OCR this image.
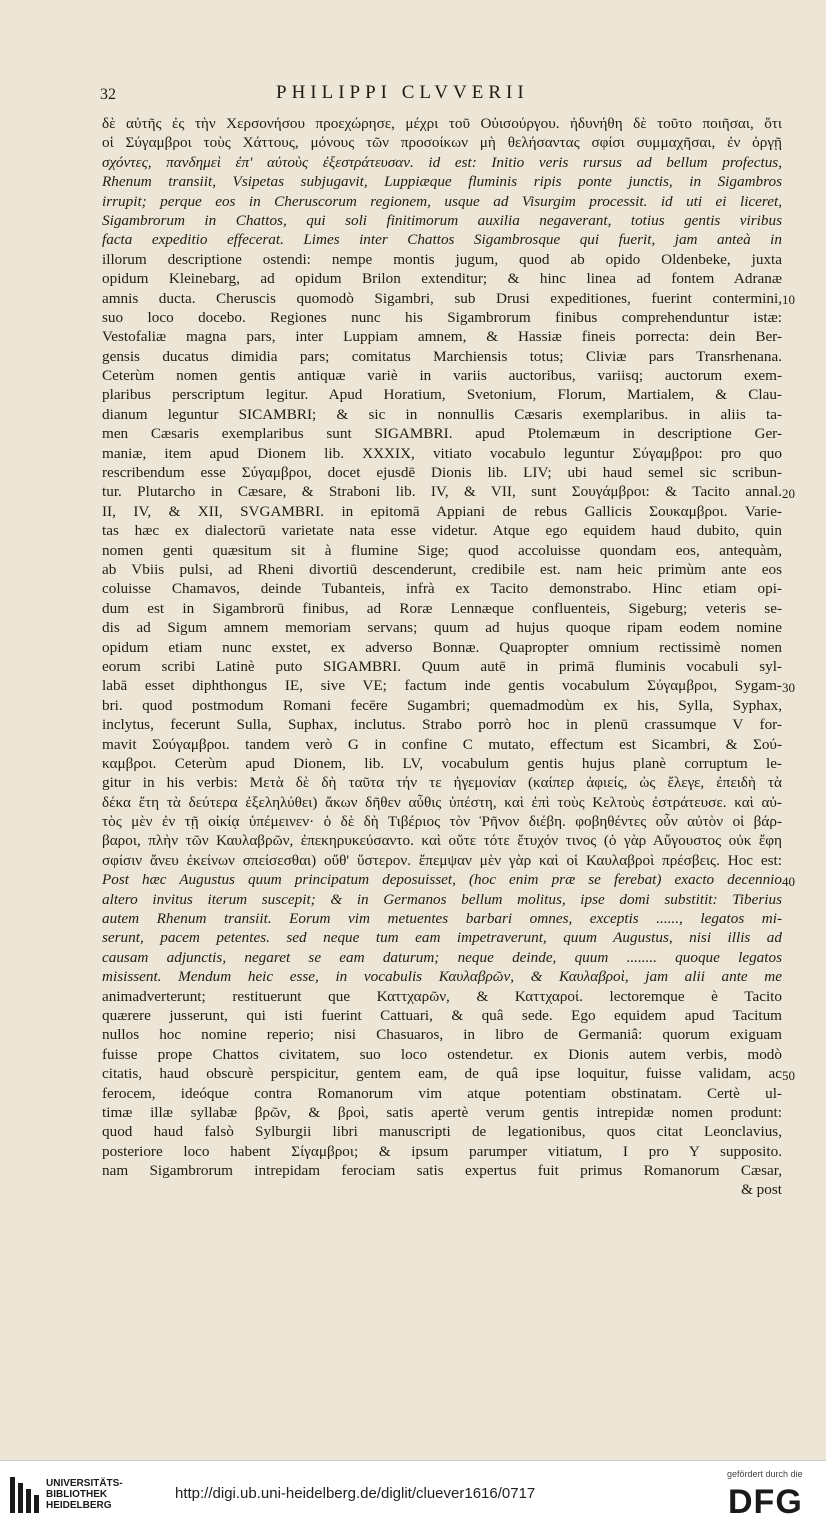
32	PHILIPPI CLVVERII
δὲ αὐτῆς ἐς τὴν Χερσονήσου προεχώρησε, μέχρι τοῦ Οὐισούργου. ἠδυνήθη δὲ τοῦτο ποιῆσαι, ὅτι
οἱ Σύγαμβροι τοὺς Χάττους, μόνους τῶν προσοίκων μὴ θελήσαντας σφίσι συμμαχῆσαι, ἐν ὀργῇ
σχόντες, πανδημεὶ ἐπ' αὐτοὺς ἐξεστράτευσαν. id est: Initio veris rursus ad bellum profectus,
Rhenum transiit, Vsipetas subjugavit, Luppiæque fluminis ripis ponte junctis, in Sigambros
irrupit; perque eos in Cheruscorum regionem, usque ad Visurgim processit. id uti ei liceret,
Sigambrorum in Chattos, qui soli finitimorum auxilia negaverant, totius gentis viribus
facta expeditio effecerat. Limes inter Chattos Sigambrosque qui fuerit, jam anteà in
illorum descriptione ostendi: nempe montis jugum, quod ab opido Oldenbeke, juxta
opidum Kleinebarg, ad opidum Brilon extenditur; & hinc linea ad fontem Adranæ
amnis ducta. Cheruscis quomodò Sigambri, sub Drusi expeditiones, fuerint contermini,
suo loco docebo. Regiones nunc his Sigambrorum finibus comprehenduntur istæ:
Vestofaliæ magna pars, inter Luppiam amnem, & Hassiæ fineis porrecta: dein Ber-
gensis ducatus dimidia pars; comitatus Marchiensis totus; Cliviæ pars Transrhenana.
Ceterùm nomen gentis antiquæ variè in variis auctoribus, variisq; auctorum exem-
plaribus perscriptum legitur. Apud Horatium, Svetonium, Florum, Martialem, & Clau-
dianum leguntur SICAMBRI; & sic in nonnullis Cæsaris exemplaribus. in aliis ta-
men Cæsaris exemplaribus sunt SIGAMBRI. apud Ptolemæum in descriptione Ger-
maniæ, item apud Dionem lib. XXXIX, vitiato vocabulo leguntur Σύγαμβροι: pro quo
rescribendum esse Σύγαμβροι, docet ejusdē Dionis lib. LIV; ubi haud semel sic scribun-
tur. Plutarcho in Cæsare, & Straboni lib. IV, & VII, sunt Σουγάμβροι: & Tacito annal.
II, IV, & XII, SVGAMBRI. in epitomā Appiani de rebus Gallicis Σουκαμβροι. Varie-
tas hæc ex dialectorū varietate nata esse videtur. Atque ego equidem haud dubito, quin
nomen genti quæsitum sit à flumine Sige; quod accoluisse quondam eos, antequàm,
ab Vbiis pulsi, ad Rheni divortiū descenderunt, credibile est. nam heic primùm ante eos
coluisse Chamavos, deinde Tubanteis, infrà ex Tacito demonstrabo. Hinc etiam opi-
dum est in Sigambrorū finibus, ad Roræ Lennæque confluenteis, Sigeburg; veteris se-
dis ad Sigum amnem memoriam servans; quum ad hujus quoque ripam eodem nomine
opidum etiam nunc exstet, ex adverso Bonnæ. Quapropter omnium rectissimè nomen
eorum scribi Latinè puto SIGAMBRI. Quum autē in primā fluminis vocabuli syl-
labā esset diphthongus IE, sive VE; factum inde gentis vocabulum Σύγαμβροι, Sygam-
bri. quod postmodum Romani fecēre Sugambri; quemadmodùm ex his, Sylla, Syphax,
inclytus, fecerunt Sulla, Suphax, inclutus. Strabo porrò hoc in plenū crassumque V for-
mavit Σούγαμβροι. tandem verò G in confine C mutato, effectum est Sicambri, & Σού-
καμβροι. Ceterùm apud Dionem, lib. LV, vocabulum gentis hujus planè corruptum le-
gitur in his verbis: Μετὰ δὲ δὴ ταῦτα τήν τε ἡγεμονίαν (καίπερ ἀφιείς, ὡς ἔλεγε, ἐπειδὴ τὰ
δέκα ἔτη τὰ δεύτερα ἐξεληλύθει) ἄκων δῆθεν αὖθις ὑπέστη, καὶ ἐπὶ τοὺς Κελτοὺς ἐστράτευσε. καὶ αὐ-
τὸς μὲν ἐν τῇ οἰκίᾳ ὑπέμεινεν· ὁ δὲ δὴ Τιβέριος τὸν Ῥῆνον διέβη. φοβηθέντες οὖν αὐτὸν οἱ βάρ-
βαροι, πλὴν τῶν Καυλαβρῶν, ἐπεκηρυκεύσαντο. καὶ οὔτε τότε ἔτυχόν τινος (ὁ γὰρ Αὔγουστος οὐκ ἔφη
σφίσιν ἄνευ ἐκείνων σπείσεσθαι) οὔθ' ὕστερον. ἔπεμψαν μὲν γὰρ καὶ οἱ Καυλαβροὶ πρέσβεις. Hoc est:
Post hæc Augustus quum principatum deposuisset, (hoc enim præ se ferebat) exacto decennio
altero invitus iterum suscepit; & in Germanos bellum molitus, ipse domi substitit: Tiberius
autem Rhenum transiit. Eorum vim metuentes barbari omnes, exceptis ......, legatos mi-
serunt, pacem petentes. sed neque tum eam impetraverunt, quum Augustus, nisi illis ad
causam adjunctis, negaret se eam daturum; neque deinde, quum ........ quoque legatos
misissent. Mendum heic esse, in vocabulis Καυλαβρῶν, & Καυλαβροὶ, jam alii ante me
animadverterunt; restituerunt que Καττχαρῶν, & Καττχαροί. lectoremque è Tacito
quærere jusserunt, qui isti fuerint Cattuari, & quâ sede. Ego equidem apud Tacitum
nullos hoc nomine reperio; nisi Chasuaros, in libro de Germaniâ: quorum exiguam
fuisse prope Chattos civitatem, suo loco ostendetur. ex Dionis autem verbis, modò
citatis, haud obscurè perspicitur, gentem eam, de quâ ipse loquitur, fuisse validam, ac
ferocem, ideóque contra Romanorum vim atque potentiam obstinatam. Certè ul-
timæ illæ syllabæ βρῶν, & βροὶ, satis apertè verum gentis intrepidæ nomen produnt:
quod haud falsò Sylburgii libri manuscripti de legationibus, quos citat Leonclavius,
posteriore loco habent Σίγαμβροι; & ipsum parumper vitiatum, I pro Y supposito.
nam Sigambrorum intrepidam ferociam satis expertus fuit primus Romanorum Cæsar,
& post
10
20
30
40
50
UNIVERSITÄTS-
BIBLIOTHEK
HEIDELBERG
http://digi.ub.uni-heidelberg.de/diglit/cluever1616/0717
gefördert durch die
DFG
